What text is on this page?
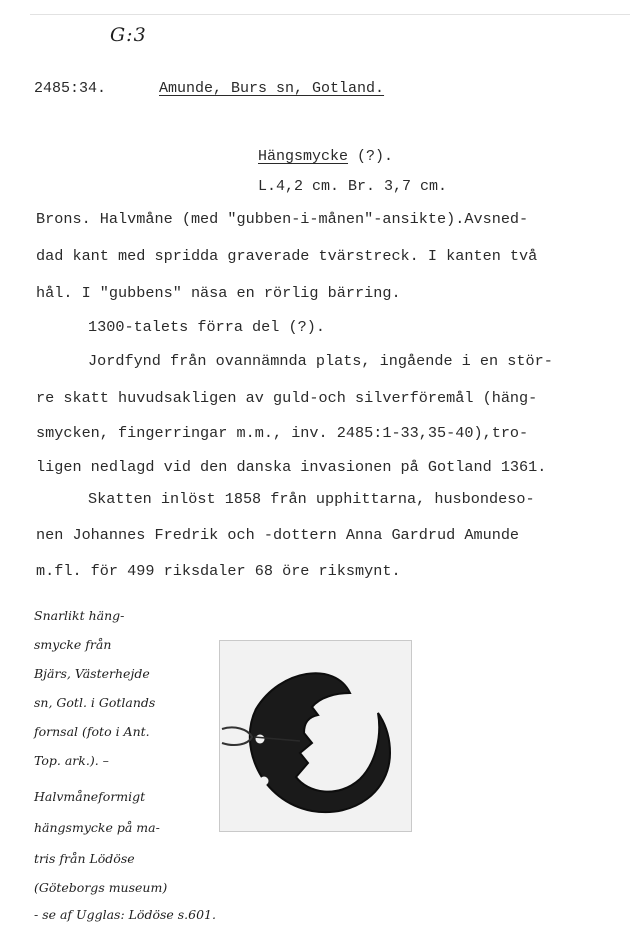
G:3
2485:34.	Amunde, Burs sn, Gotland.
Hängsmycke (?).
L.4,2 cm. Br. 3,7 cm.
Brons. Halvmåne (med "gubben-i-månen"-ansikte).Avsned-
dad kant med spridda graverade tvärstreck. I kanten två
hål. I "gubbens" näsa en rörlig bärring.
1300-talets förra del (?).
Jordfynd från ovannämnda plats, ingående i en stör-
re skatt huvudsakligen av guld-och silverföremål (häng-
smycken, fingerringar m.m., inv. 2485:1-33,35-40),tro-
ligen nedlagd vid den danska invasionen på Gotland 1361.
Skatten inlöst 1858 från upphittarna, husbondeso-
nen Johannes Fredrik och -dottern Anna Gardrud Amunde
m.fl. för 499 riksdaler 68 öre riksmynt.
Snarlikt häng-
smycke från
Bjärs, Västerhejde
sn, Gotl. i Gotlands
fornsal (foto i Ant.
Top. ark.). –
Halvmåneformigt
hängsmycke på ma-
tris från Lödöse
(Göteborgs museum)
- se af Ugglas: Lödöse s.601.
